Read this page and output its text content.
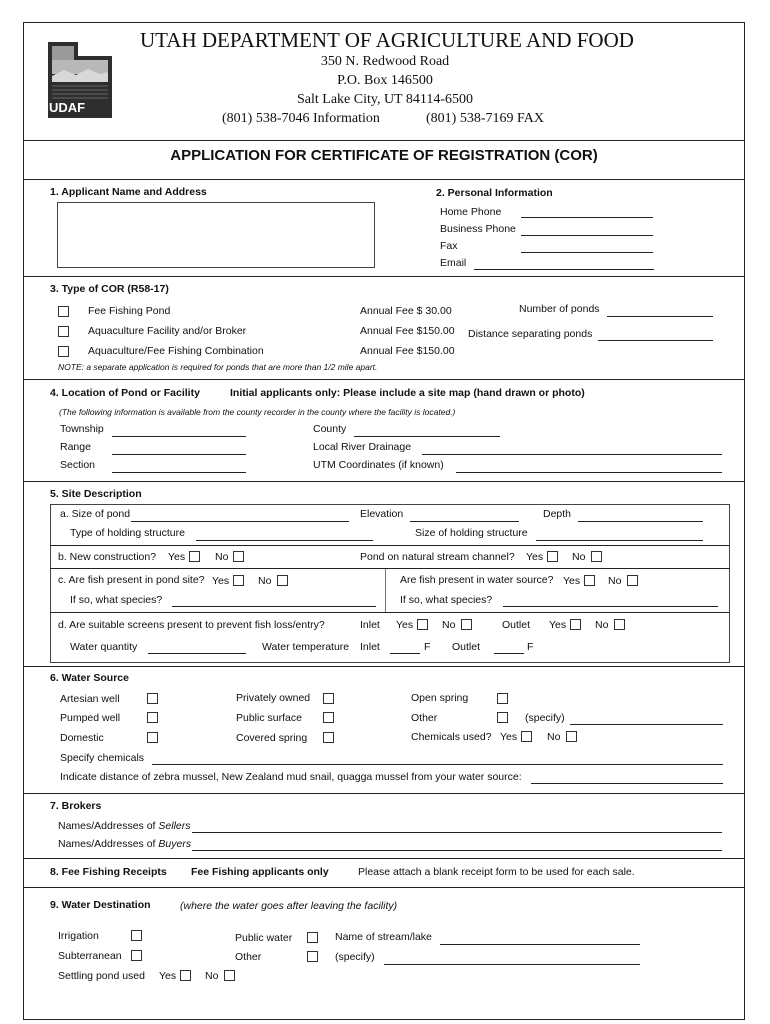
UDAF
UTAH DEPARTMENT OF AGRICULTURE AND FOOD
350 N. Redwood Road
P.O. Box 146500
Salt Lake City, UT 84114-6500
(801) 538-7046 Information	(801) 538-7169 FAX
APPLICATION FOR CERTIFICATE OF REGISTRATION (COR)
1. Applicant Name and Address	2. Personal Information
Home Phone
Business Phone
Fax
Email
3. Type of COR (R58-17)
Fee Fishing Pond	Annual Fee $ 30.00
Aquaculture Facility and/or Broker	Annual Fee $150.00
Aquaculture/Fee Fishing Combination	Annual Fee $150.00
Number of ponds
Distance separating ponds
NOTE: a separate application is required for ponds that are more than 1/2 mile apart.
4. Location of Pond or Facility	Initial applicants only: Please include a site map (hand drawn or photo)
(The following information is available from the county recorder in the county where the facility is located.)
Township
Range
Section
County
Local River Drainage
UTM Coordinates (if known)
5. Site Description
a. Size of pond	Elevation	Depth
Type of holding structure	Size of holding structure
b. New construction? Yes	No	Pond on natural stream channel? Yes	No
c. Are fish present in pond site? Yes	No
If so, what species?
Are fish present in water source? Yes	No
If so, what species?
d. Are suitable screens present to prevent fish loss/entry?	Inlet Yes	No	Outlet Yes	No
Water quantity	Water temperature Inlet	F Outlet	F
6. Water Source
Artesian well
Pumped well
Domestic
Privately owned
Public surface
Covered spring
Open spring
Other	(specify)
Chemicals used? Yes	No
Specify chemicals
Indicate distance of zebra mussel, New Zealand mud snail, quagga mussel from your water source:
7. Brokers
Names/Addresses of Sellers
Names/Addresses of Buyers
8. Fee Fishing Receipts Fee Fishing applicants only	Please attach a blank receipt form to be used for each sale.
9. Water Destination	(where the water goes after leaving the facility)
Irrigation
Subterranean
Settling pond used Yes	No
Public water
Other
Name of stream/lake
(specify)
